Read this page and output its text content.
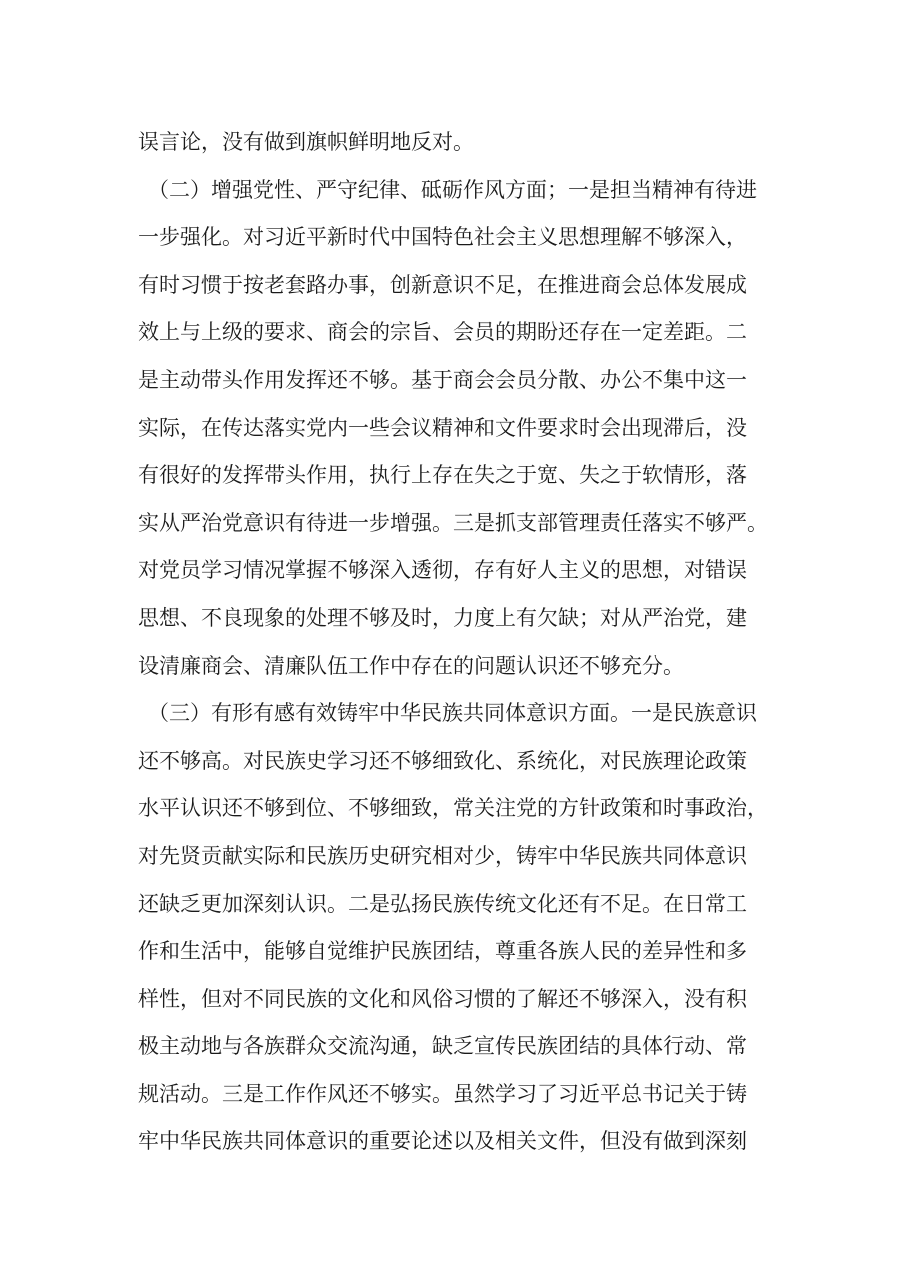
误言论，没有做到旗帜鲜明地反对。
（二）增强党性、严守纪律、砥砺作风方面；一是担当精神有待进
一步强化。对习近平新时代中国特色社会主义思想理解不够深入，
有时习惯于按老套路办事，创新意识不足，在推进商会总体发展成
效上与上级的要求、商会的宗旨、会员的期盼还存在一定差距。二
是主动带头作用发挥还不够。基于商会会员分散、办公不集中这一
实际，在传达落实党内一些会议精神和文件要求时会出现滞后，没
有很好的发挥带头作用，执行上存在失之于宽、失之于软情形，落
实从严治党意识有待进一步增强。三是抓支部管理责任落实不够严。
对党员学习情况掌握不够深入透彻，存有好人主义的思想，对错误
思想、不良现象的处理不够及时，力度上有欠缺；对从严治党，建
设清廉商会、清廉队伍工作中存在的问题认识还不够充分。
（三）有形有感有效铸牢中华民族共同体意识方面。一是民族意识
还不够高。对民族史学习还不够细致化、系统化，对民族理论政策
水平认识还不够到位、不够细致，常关注党的方针政策和时事政治，
对先贤贡献实际和民族历史研究相对少，铸牢中华民族共同体意识
还缺乏更加深刻认识。二是弘扬民族传统文化还有不足。在日常工
作和生活中，能够自觉维护民族团结，尊重各族人民的差异性和多
样性，但对不同民族的文化和风俗习惯的了解还不够深入，没有积
极主动地与各族群众交流沟通，缺乏宣传民族团结的具体行动、常
规活动。三是工作作风还不够实。虽然学习了习近平总书记关于铸
牢中华民族共同体意识的重要论述以及相关文件，但没有做到深刻
